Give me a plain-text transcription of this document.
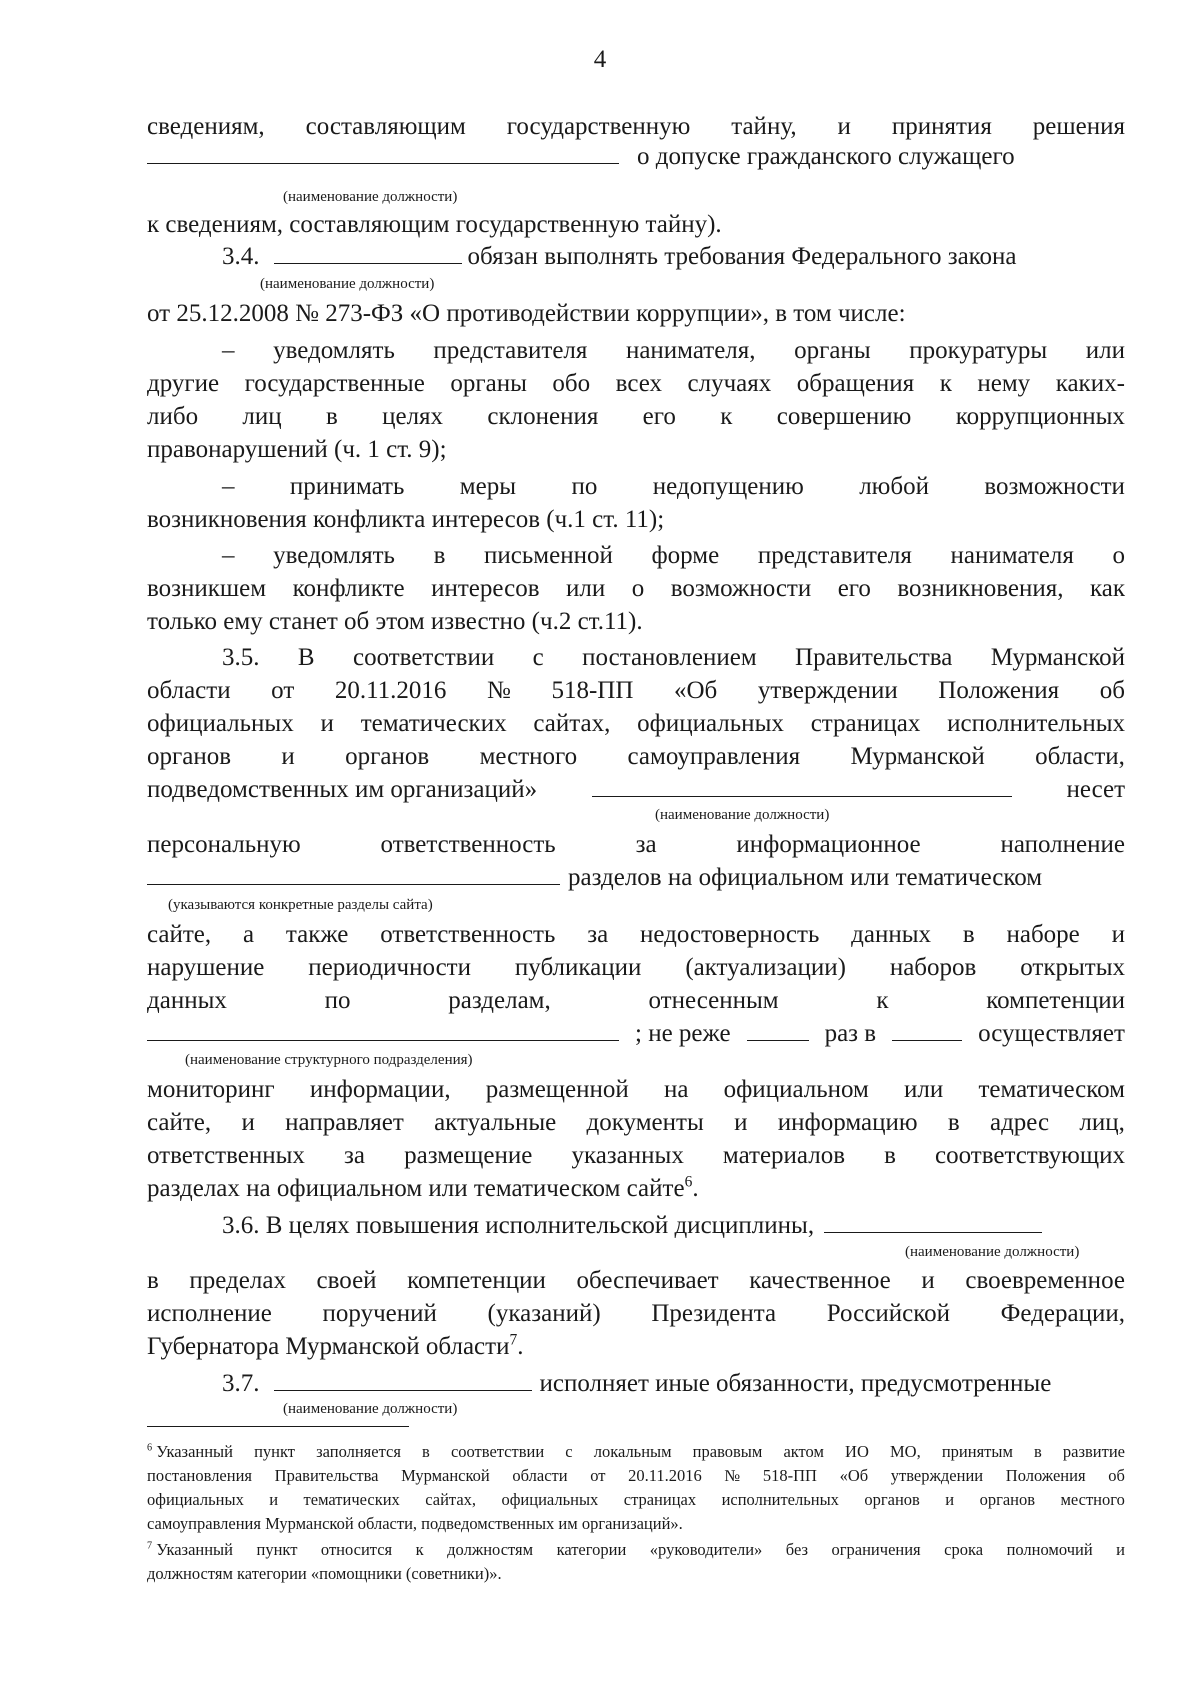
4
сведениям, составляющим государственную тайну, и принятия решения
о допуске гражданского служащего
(наименование должности)
к сведениям, составляющим государственную тайну).
3.4.	обязан выполнять требования Федерального закона
(наименование должности)
от 25.12.2008 № 273-ФЗ «О противодействии коррупции», в том числе:
– уведомлять представителя нанимателя, органы прокуратуры или
другие государственные органы обо всех случаях обращения к нему каких-
либо лиц в целях склонения его к совершению коррупционных
правонарушений (ч. 1 ст. 9);
– принимать меры по недопущению любой возможности
возникновения конфликта интересов (ч.1 ст. 11);
– уведомлять в письменной форме представителя нанимателя о
возникшем конфликте интересов или о возможности его возникновения, как
только ему станет об этом известно (ч.2 ст.11).
3.5. В соответствии с постановлением Правительства Мурманской
области от 20.11.2016 № 518-ПП «Об утверждении Положения об
официальных и тематических сайтах, официальных страницах исполнительных
органов и органов местного самоуправления Мурманской области,
подведомственных им организаций»	несет
(наименование должности)
персональную	ответственность	за	информационное	наполнение
разделов на официальном или тематическом
(указываются конкретные разделы сайта)
сайте, а также ответственность за недостоверность данных в наборе и
нарушение периодичности публикации (актуализации) наборов открытых
данных	по	разделам,	отнесенным	к	компетенции
; не реже	раз в	осуществляет
(наименование структурного подразделения)
мониторинг информации, размещенной на официальном или тематическом
сайте, и направляет актуальные документы и информацию в адрес лиц,
ответственных за размещение указанных материалов в соответствующих
разделах на официальном или тематическом сайте$^6$.
3.6. В целях повышения исполнительской дисциплины,
(наименование должности)
в пределах своей компетенции обеспечивает качественное и своевременное
исполнение поручений (указаний) Президента Российской Федерации,
Губернатора Мурманской области$^7$.
3.7.	исполняет иные обязанности, предусмотренные
(наименование должности)
$^6$ Указанный пункт заполняется в соответствии с локальным правовым актом ИО МО, принятым в развитие
постановления Правительства Мурманской области от 20.11.2016 № 518-ПП «Об утверждении Положения об
официальных и тематических сайтах, официальных страницах исполнительных органов и органов местного
самоуправления Мурманской области, подведомственных им организаций».
$^7$ Указанный пункт относится к должностям категории «руководители» без ограничения срока полномочий и
должностям категории «помощники (советники)».
